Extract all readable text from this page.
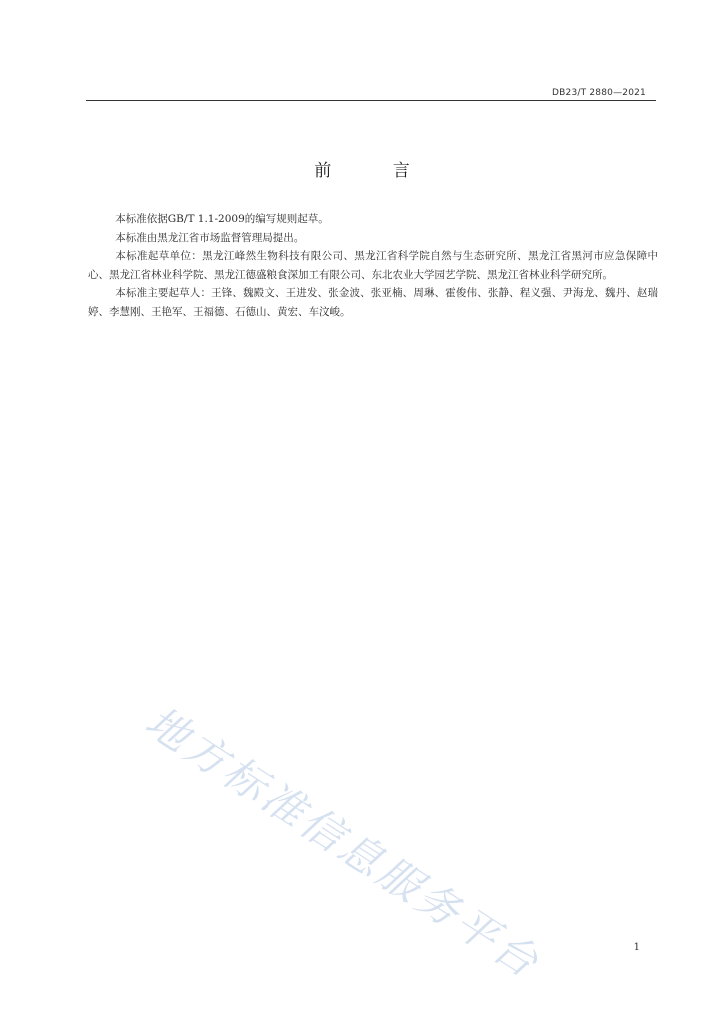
DB23/T 2880—2021
前 言

本标准依据GB/T 1.1-2009的编写规则起草。

本标准由黑龙江省市场监督管理局提出。

本标准起草单位：黑龙江峰然生物科技有限公司、黑龙江省科学院自然与生态研究所、黑龙江省黑河市应急保障中心、黑龙江省林业科学院、黑龙江德盛粮食深加工有限公司、东北农业大学园艺学院、黑龙江省林业科学研究所。

本标准主要起草人：王锋、魏殿文、王进发、张金波、张亚楠、周琳、霍俊伟、张静、程义强、尹海龙、魏丹、赵瑞婷、李慧刚、王艳军、王福德、石德山、黄宏、车汶峻。

地方标准信息服务平台	1
